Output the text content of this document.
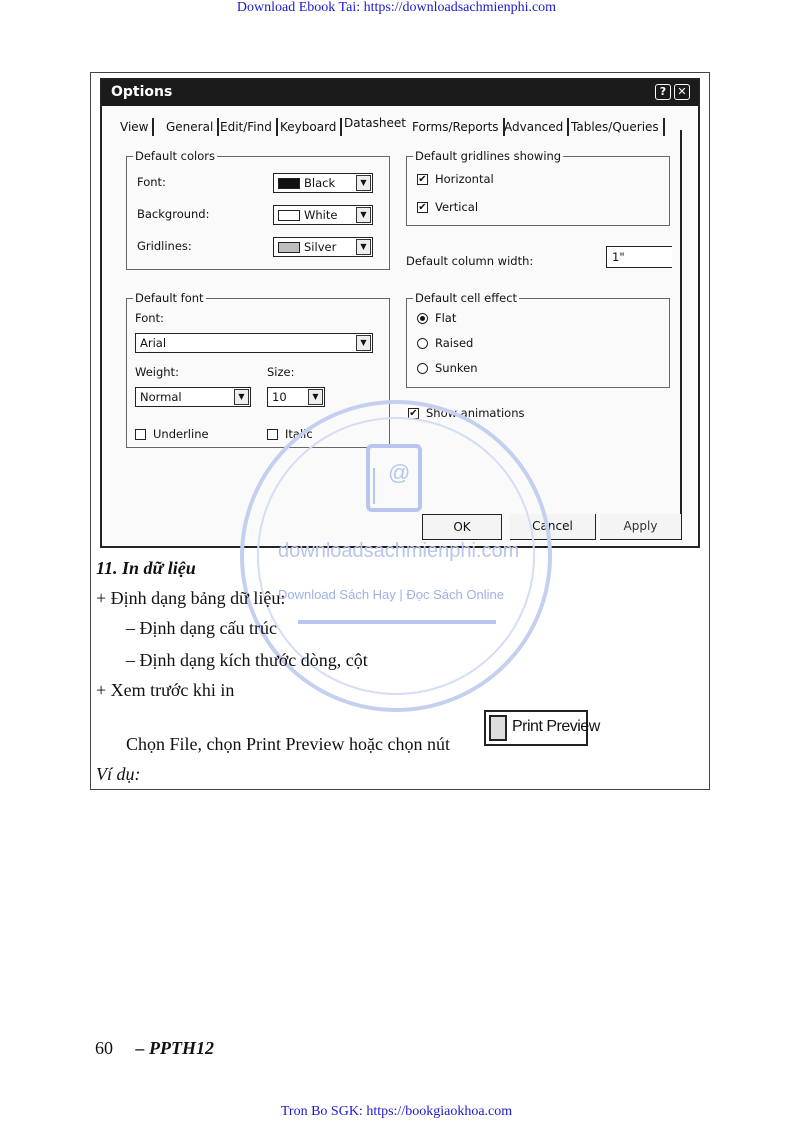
Download Ebook Tai: https://downloadsachmienphi.com
Options	?	✕
View	General Edit/Find Keyboard Datasheet Forms/Reports Advanced Tables/Queries
Default colors
Font:	Black	▼
Background:	White	▼
Gridlines:	Silver	▼
Default gridlines showing
✔ Horizontal
✔ Vertical
Default column width:	1"
Default font
Font:
Arial	▼
Weight:
Normal	▼
Size:
10	▼
Underline	Italic
Default cell effect
Flat
Raised
Sunken
✔ Show animations
OK	Cancel	Apply
@
downloadsachmienphi.com
Download Sách Hay | Đọc Sách Online
11. In dữ liệu
+ Định dạng bảng dữ liệu:
– Định dạng cấu trúc
– Định dạng kích thước dòng, cột
+ Xem trước khi in
Chọn File, chọn Print Preview hoặc chọn nút
Print Preview
Ví dụ:
60 – PPTH12
Tron Bo SGK: https://bookgiaokhoa.com
